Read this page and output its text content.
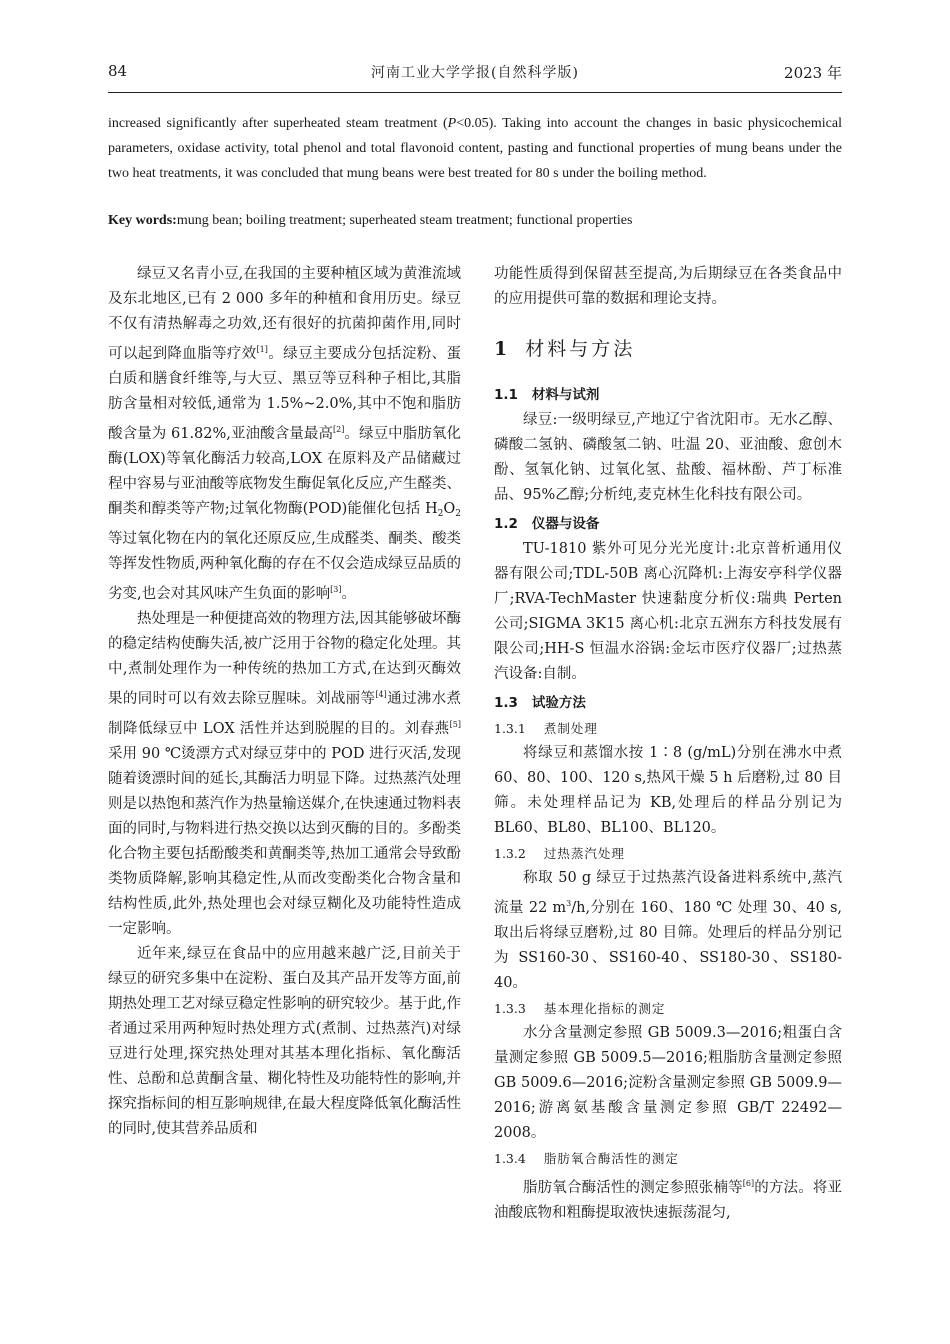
84	河南工业大学学报(自然科学版)	2023 年
increased significantly after superheated steam treatment (P<0.05). Taking into account the changes in basic physicochemical parameters, oxidase activity, total phenol and total flavonoid content, pasting and functional properties of mung beans under the two heat treatments, it was concluded that mung beans were best treated for 80 s under the boiling method.
Key words:mung bean; boiling treatment; superheated steam treatment; functional properties

绿豆又名青小豆,在我国的主要种植区域为黄淮流域及东北地区,已有 2 000 多年的种植和食用历史。绿豆不仅有清热解毒之功效,还有很好的抗菌抑菌作用,同时可以起到降血脂等疗效[1]。绿豆主要成分包括淀粉、蛋白质和膳食纤维等,与大豆、黑豆等豆科种子相比,其脂肪含量相对较低,通常为 1.5%~2.0%,其中不饱和脂肪酸含量为 61.82%,亚油酸含量最高[2]。绿豆中脂肪氧化酶(LOX)等氧化酶活力较高,LOX 在原料及产品储藏过程中容易与亚油酸等底物发生酶促氧化反应,产生醛类、酮类和醇类等产物;过氧化物酶(POD)能催化包括 $H_2O_2$ 等过氧化物在内的氧化还原反应,生成醛类、酮类、酸类等挥发性物质,两种氧化酶的存在不仅会造成绿豆品质的劣变,也会对其风味产生负面的影响[3]。

热处理是一种便捷高效的物理方法,因其能够破坏酶的稳定结构使酶失活,被广泛用于谷物的稳定化处理。其中,煮制处理作为一种传统的热加工方式,在达到灭酶效果的同时可以有效去除豆腥味。刘战丽等[4]通过沸水煮制降低绿豆中 LOX 活性并达到脱腥的目的。刘春燕[5]采用 90 ℃烫漂方式对绿豆芽中的 POD 进行灭活,发现随着烫漂时间的延长,其酶活力明显下降。过热蒸汽处理则是以热饱和蒸汽作为热量输送媒介,在快速通过物料表面的同时,与物料进行热交换以达到灭酶的目的。多酚类化合物主要包括酚酸类和黄酮类等,热加工通常会导致酚类物质降解,影响其稳定性,从而改变酚类化合物含量和结构性质,此外,热处理也会对绿豆糊化及功能特性造成一定影响。

近年来,绿豆在食品中的应用越来越广泛,目前关于绿豆的研究多集中在淀粉、蛋白及其产品开发等方面,前期热处理工艺对绿豆稳定性影响的研究较少。基于此,作者通过采用两种短时热处理方式(煮制、过热蒸汽)对绿豆进行处理,探究热处理对其基本理化指标、氧化酶活性、总酚和总黄酮含量、糊化特性及功能特性的影响,并探究指标间的相互影响规律,在最大程度降低氧化酶活性的同时,使其营养品质和

功能性质得到保留甚至提高,为后期绿豆在各类食品中的应用提供可靠的数据和理论支持。

1 材料与方法
1.1 材料与试剂

绿豆:一级明绿豆,产地辽宁省沈阳市。无水乙醇、磷酸二氢钠、磷酸氢二钠、吐温 20、亚油酸、愈创木酚、氢氧化钠、过氧化氢、盐酸、福林酚、芦丁标准品、95%乙醇;分析纯,麦克林生化科技有限公司。

1.2 仪器与设备

TU-1810 紫外可见分光光度计:北京普析通用仪器有限公司;TDL-50B 离心沉降机:上海安亭科学仪器厂;RVA-TechMaster 快速黏度分析仪:瑞典 Perten 公司;SIGMA 3K15 离心机:北京五洲东方科技发展有限公司;HH-S 恒温水浴锅:金坛市医疗仪器厂;过热蒸汽设备:自制。

1.3 试验方法
1.3.1 煮制处理

将绿豆和蒸馏水按 1∶8 (g/mL)分别在沸水中煮 60、80、100、120 s,热风干燥 5 h 后磨粉,过 80 目筛。未处理样品记为 KB,处理后的样品分别记为 BL60、BL80、BL100、BL120。

1.3.2 过热蒸汽处理

称取 50 g 绿豆于过热蒸汽设备进料系统中,蒸汽流量 22 $m^3/h$,分别在 160、180 ℃ 处理 30、40 s,取出后将绿豆磨粉,过 80 目筛。处理后的样品分别记为 SS160-30、SS160-40、SS180-30、SS180-40。

1.3.3 基本理化指标的测定

水分含量测定参照 GB 5009.3—2016;粗蛋白含量测定参照 GB 5009.5—2016;粗脂肪含量测定参照 GB 5009.6—2016;淀粉含量测定参照 GB 5009.9—2016;游离氨基酸含量测定参照 GB/T 22492—2008。

1.3.4 脂肪氧合酶活性的测定

脂肪氧合酶活性的测定参照张楠等[6]的方法。将亚油酸底物和粗酶提取液快速振荡混匀,
